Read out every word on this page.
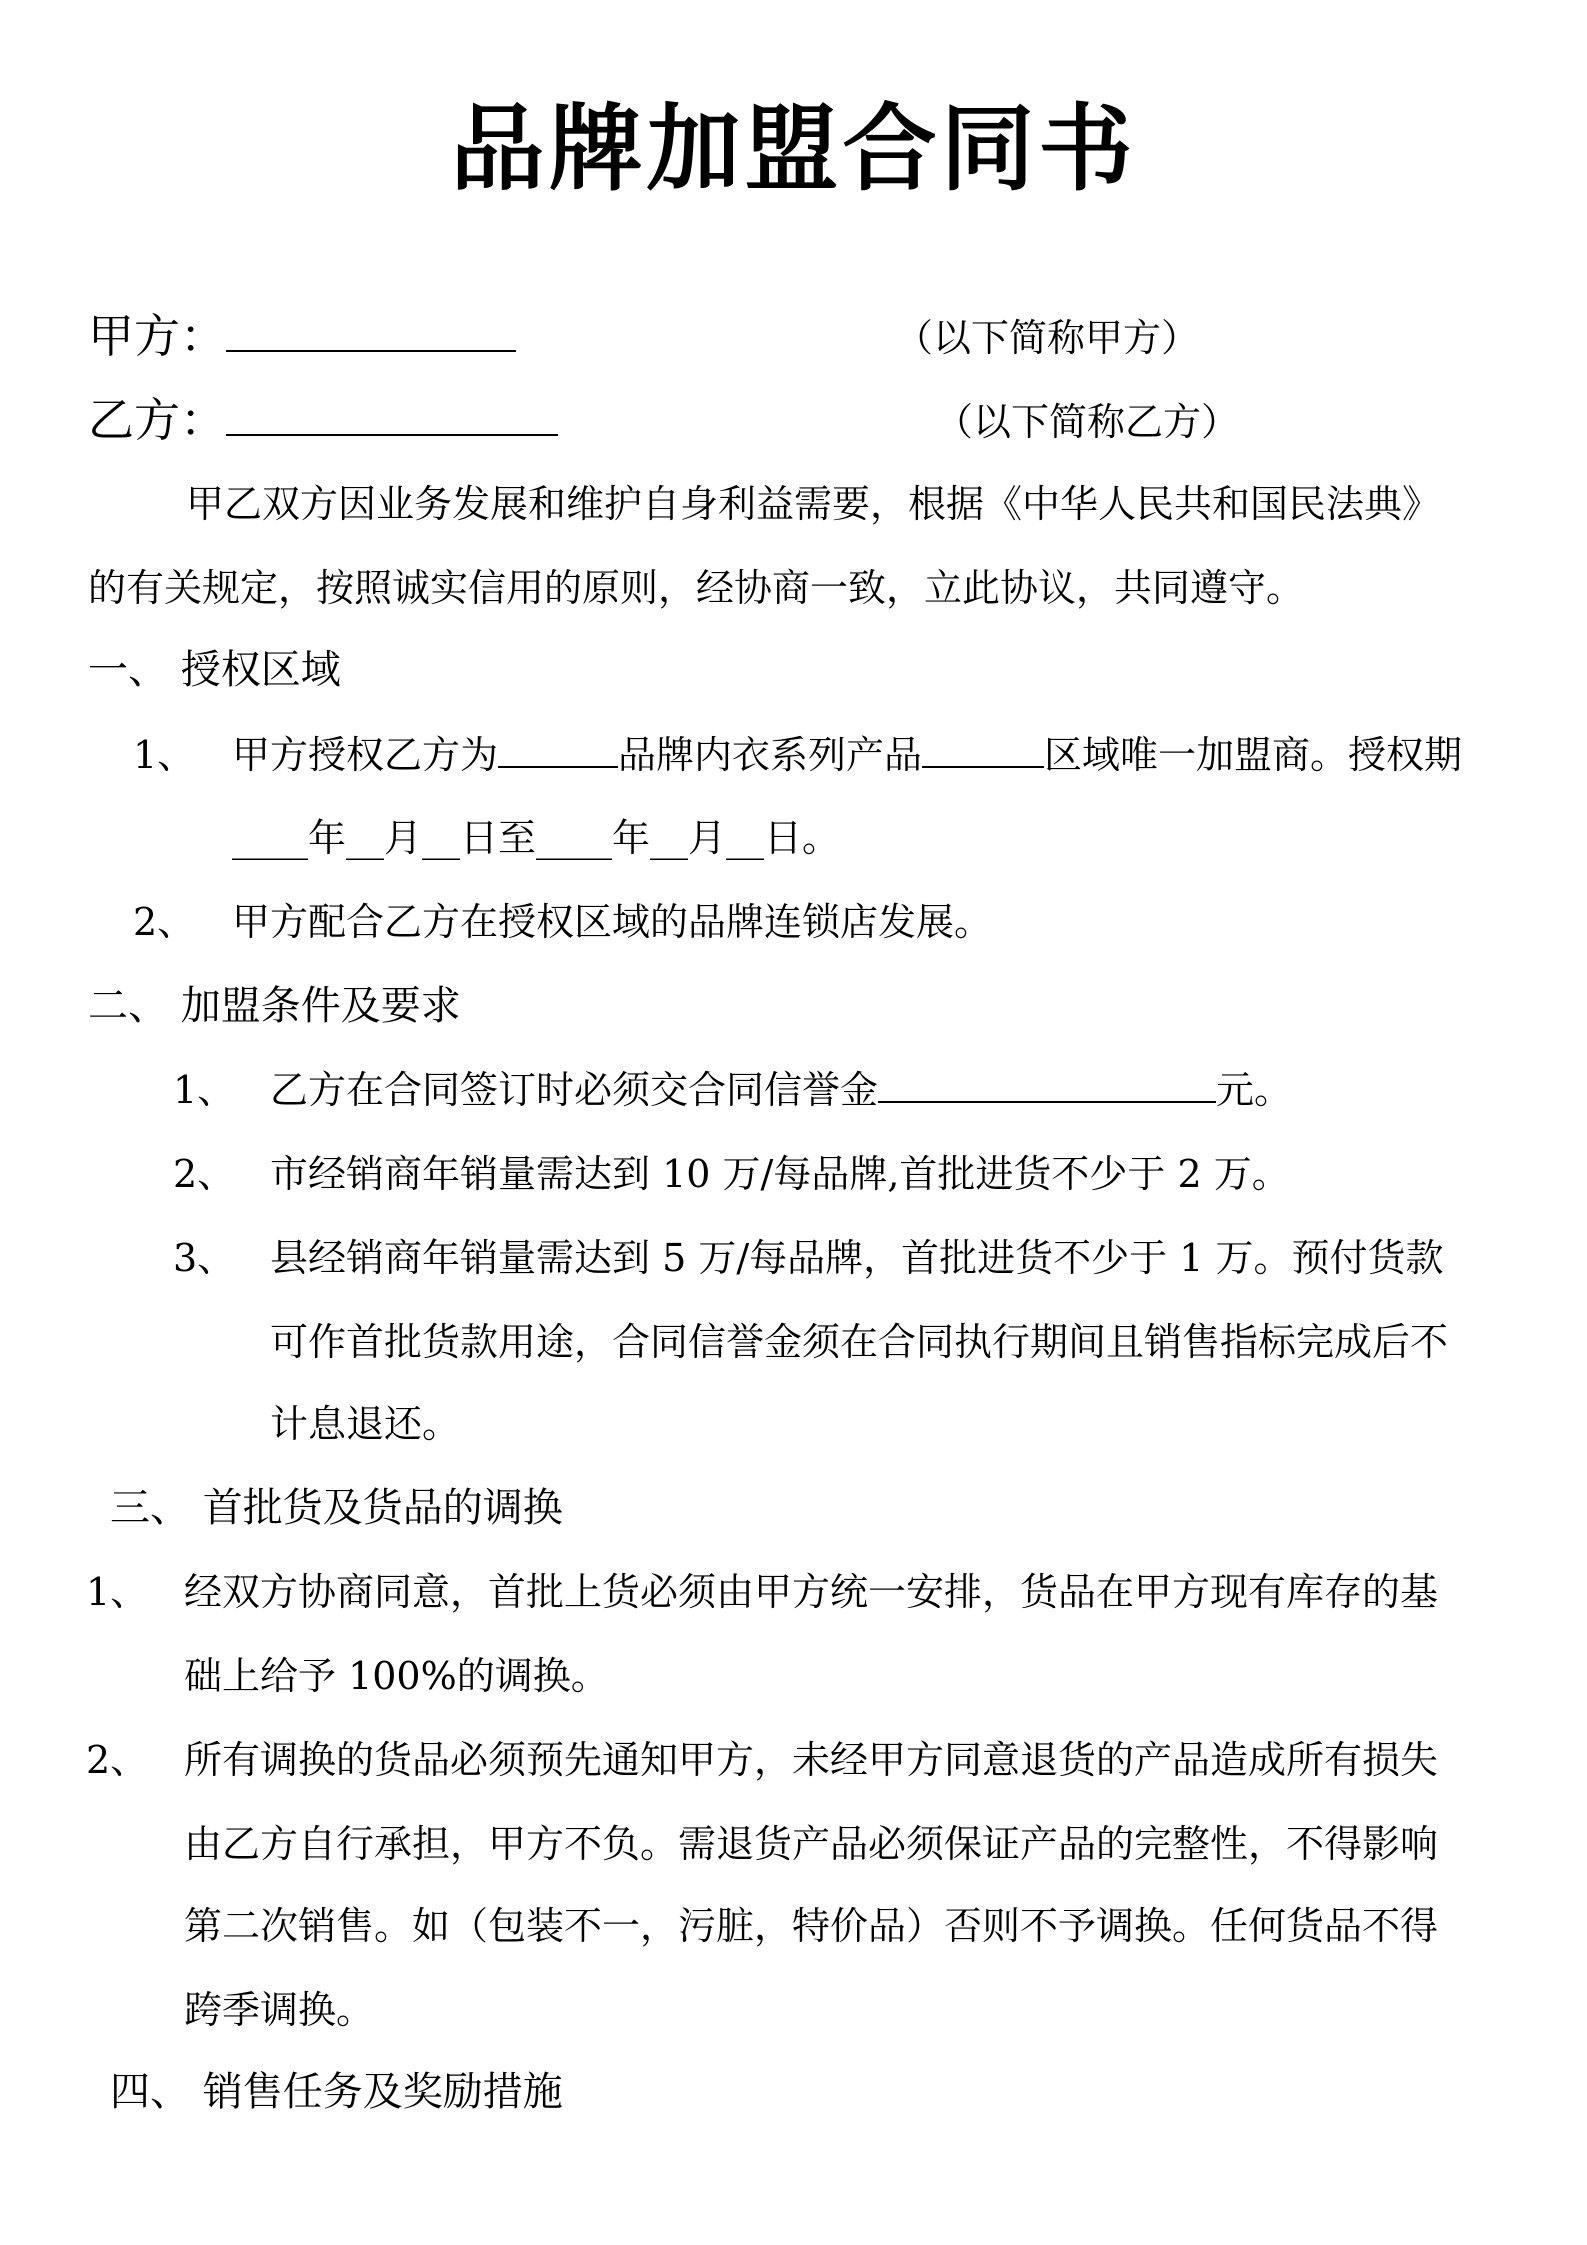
品牌加盟合同书
甲方：	（以下简称甲方）
乙方：	（以下简称乙方）
甲乙双方因业务发展和维护自身利益需要，根据《中华人民共和国民法典》
的有关规定，按照诚实信用的原则，经协商一致，立此协议，共同遵守。
一、 授权区域
1、 甲方授权乙方为	品牌内衣系列产品	区域唯一加盟商。授权期
____年__月__日至____年__月__日。
2、 甲方配合乙方在授权区域的品牌连锁店发展。
二、 加盟条件及要求
1、 乙方在合同签订时必须交合同信誉金	元。
2、 市经销商年销量需达到 10 万/每品牌,首批进货不少于 2 万。
3、 县经销商年销量需达到 5 万/每品牌，首批进货不少于 1 万。预付货款
可作首批货款用途，合同信誉金须在合同执行期间且销售指标完成后不
计息退还。
三、 首批货及货品的调换
1、 经双方协商同意，首批上货必须由甲方统一安排，货品在甲方现有库存的基
础上给予 100%的调换。
2、 所有调换的货品必须预先通知甲方，未经甲方同意退货的产品造成所有损失
由乙方自行承担，甲方不负。需退货产品必须保证产品的完整性，不得影响
第二次销售。如（包装不一，污脏，特价品）否则不予调换。任何货品不得
跨季调换。
四、 销售任务及奖励措施
